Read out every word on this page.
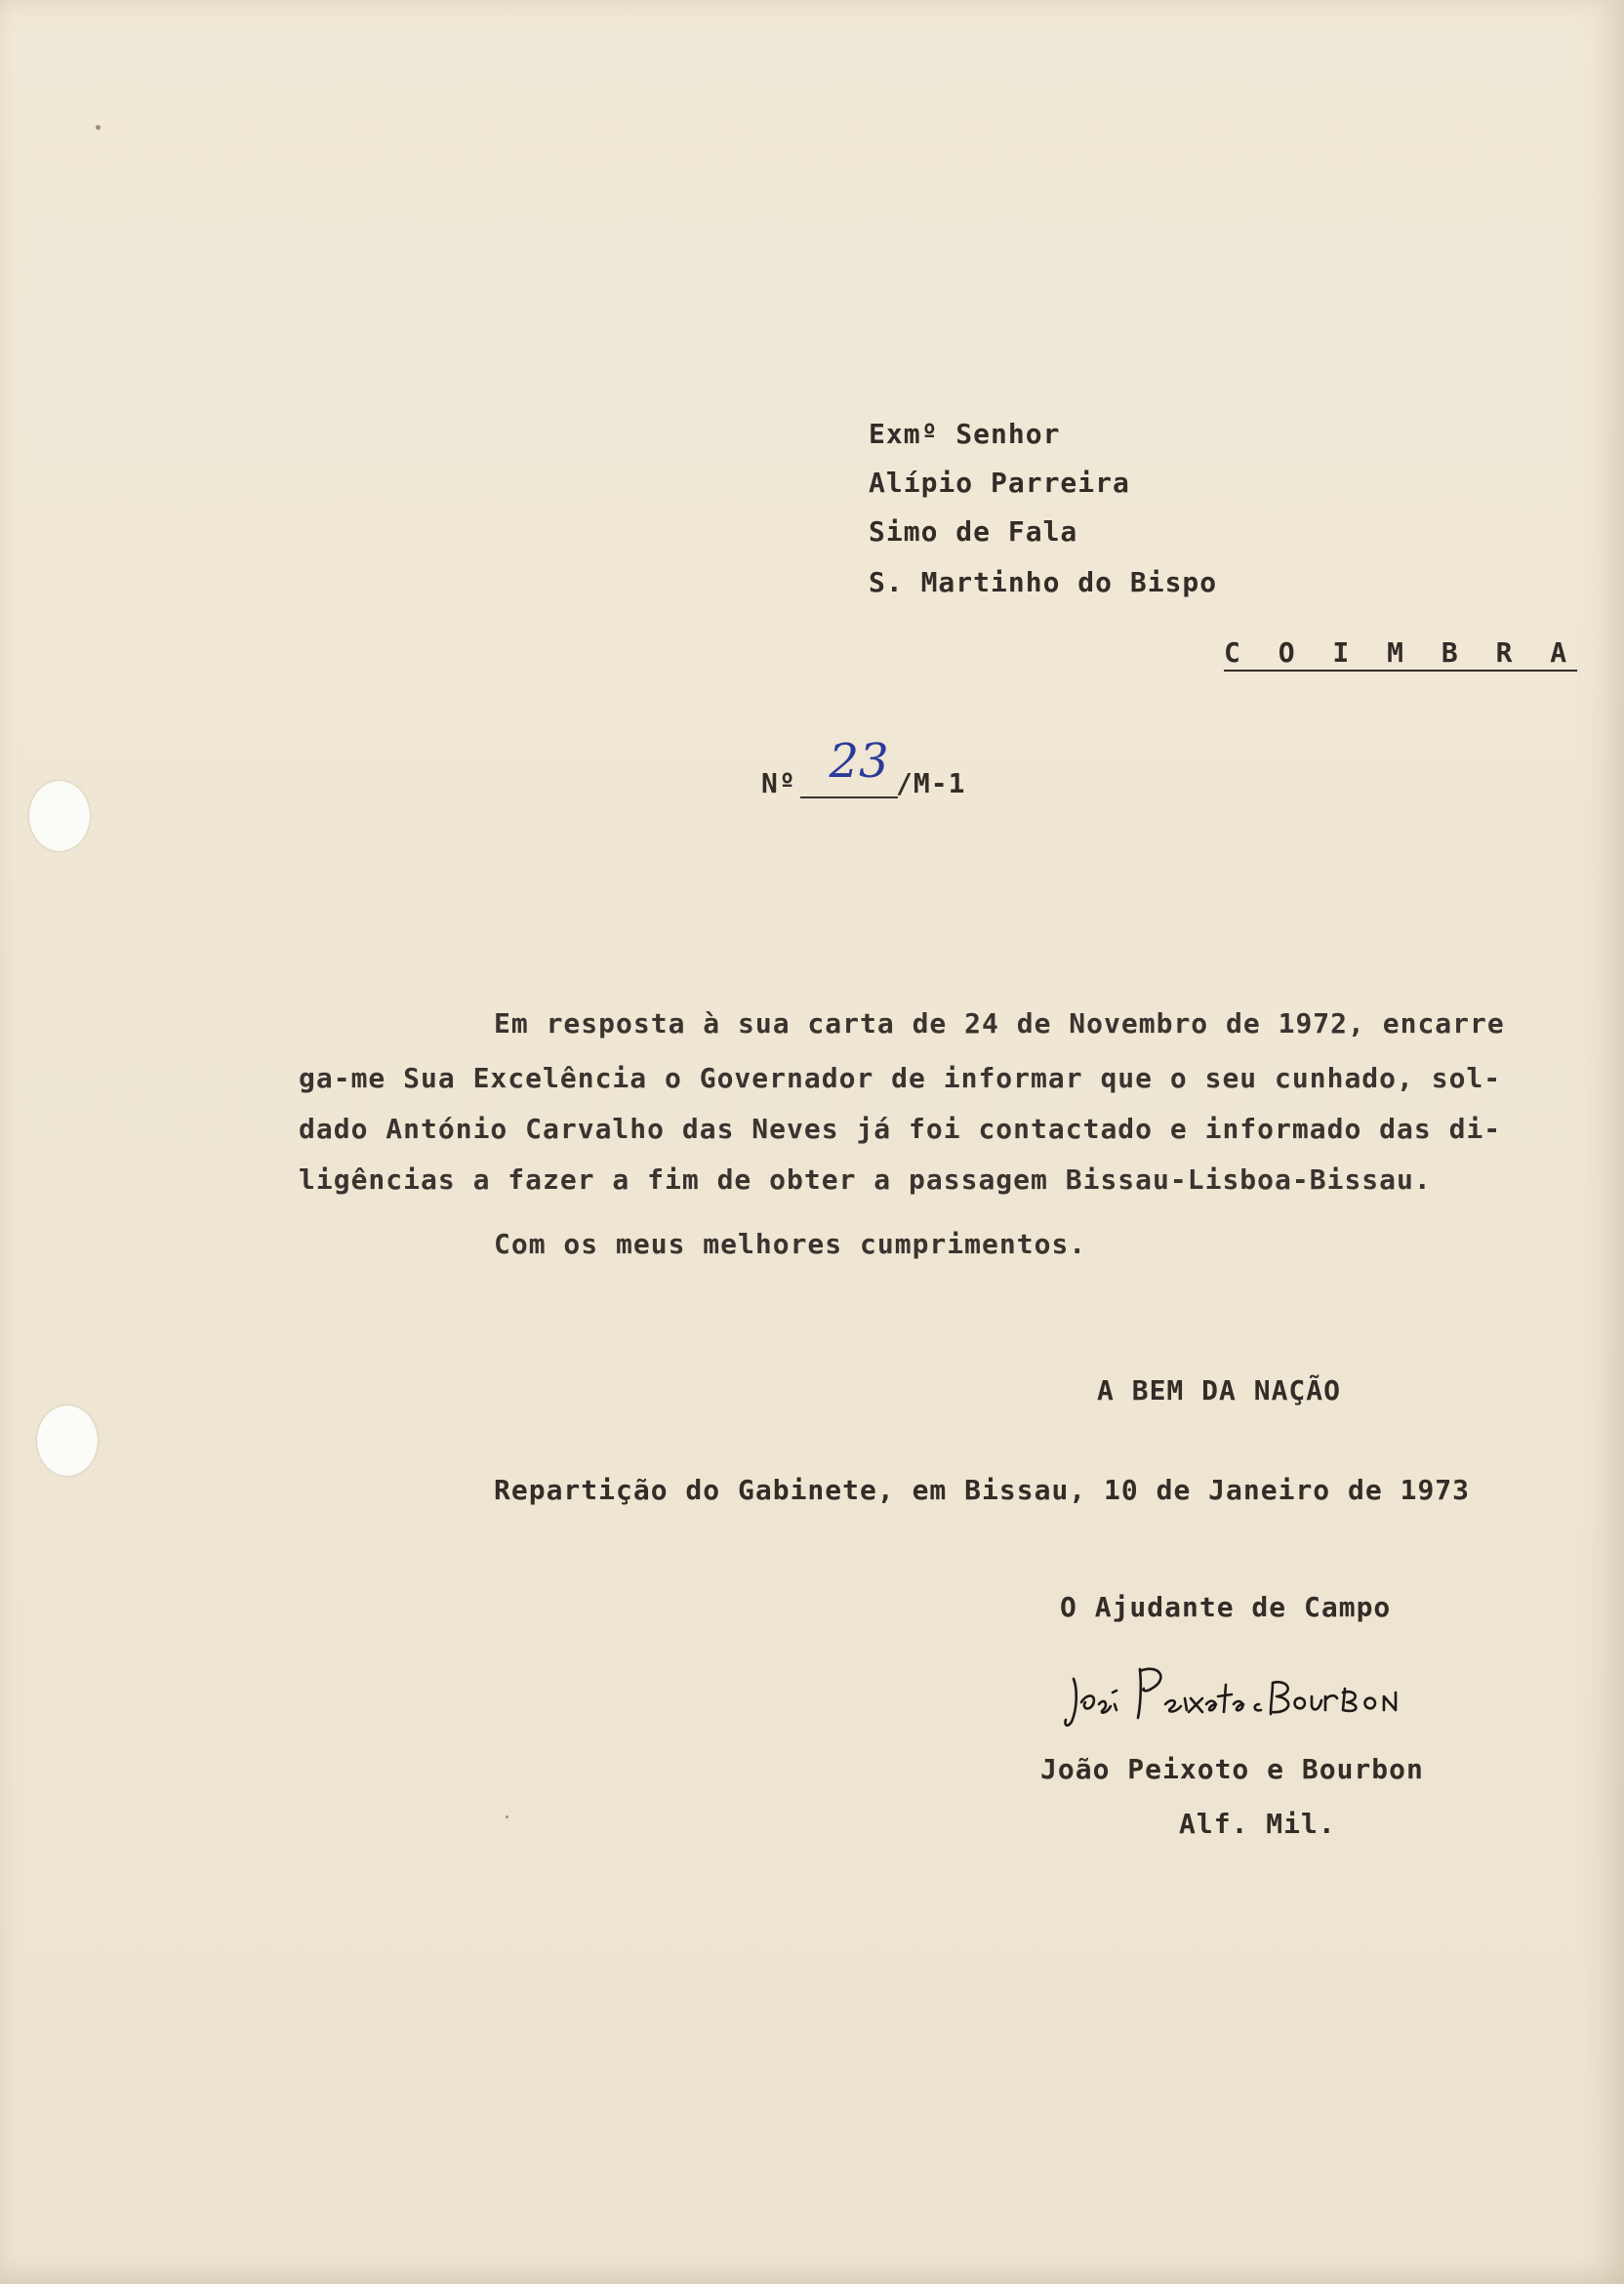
Exmº Senhor
Alípio Parreira
Simo de Fala
S. Martinho do Bispo
C O I M B R A
Nº 23 /M-1
Em resposta à sua carta de 24 de Novembro de 1972, encarre
ga-me Sua Excelência o Governador de informar que o seu cunhado, sol-
dado António Carvalho das Neves já foi contactado e informado das di-
ligências a fazer a fim de obter a passagem Bissau-Lisboa-Bissau.
Com os meus melhores cumprimentos.
A BEM DA NAÇÃO
Repartição do Gabinete, em Bissau, 10 de Janeiro de 1973
O Ajudante de Campo
João Peixoto e Bourbon
Alf. Mil.
